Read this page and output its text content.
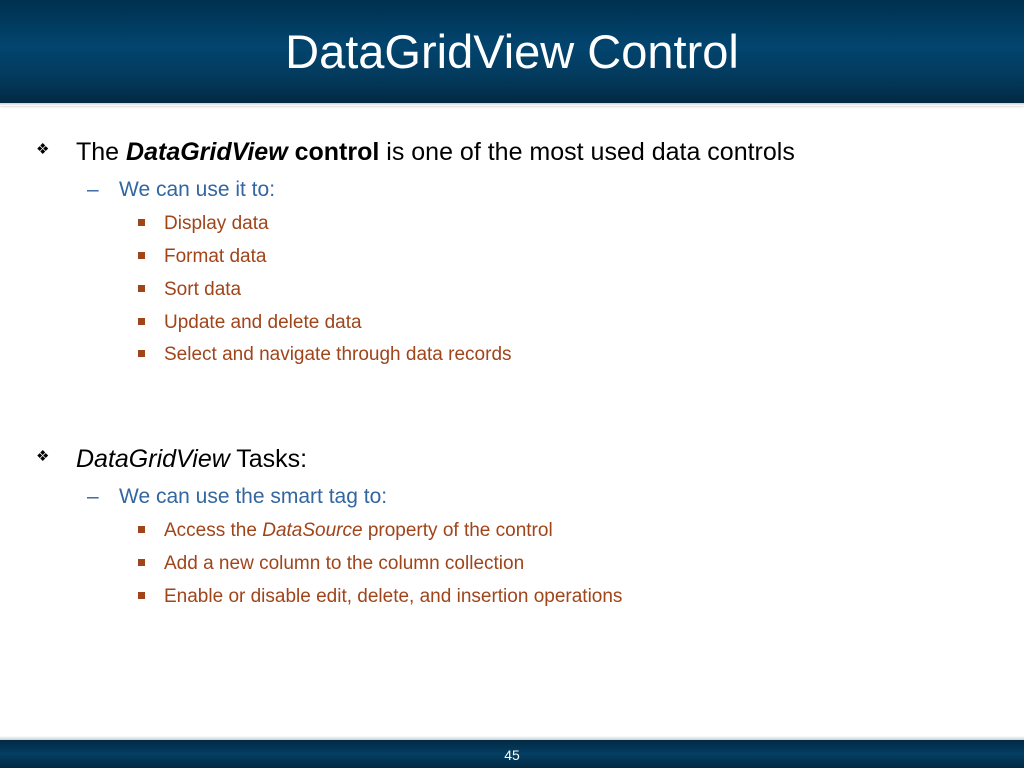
DataGridView Control
❖ The DataGridView control is one of the most used data controls
– We can use it to:
Display data
Format data
Sort data
Update and delete data
Select and navigate through data records
❖ DataGridView Tasks:
– We can use the smart tag to:
Access the DataSource property of the control
Add a new column to the column collection
Enable or disable edit, delete, and insertion operations
45
